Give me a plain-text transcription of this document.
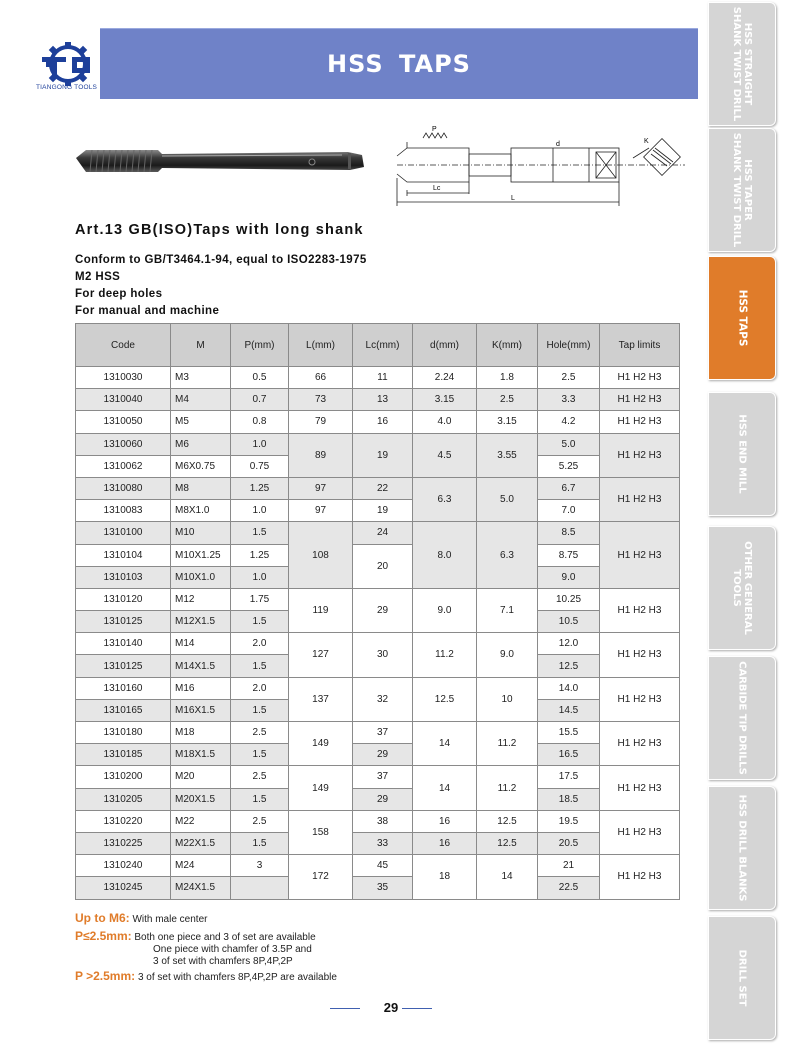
TIANGONG TOOLS
HSS TAPS	HSS STRAIGHT
SHANK TWIST DRILL
HSS TAPER
SHANK TWIST DRILL
HSS TAPS
HSS END MILL
OTHER GENERAL
TOOLS
CARBIDE TIP DRILLS
HSS DRILL BLANKS
DRILL SET
P
d	K
Lc
L
Art.13 GB(ISO)Taps with long shank
Conform to GB/T3464.1-94, equal to ISO2283-1975
M2 HSS
For deep holes
For manual and machine
Code	M	P(mm)	L(mm)	Lc(mm)	d(mm)	K(mm)	Hole(mm)	Tap limits
1310030	M3	0.5	66	11	2.24	1.8	2.5	H1 H2 H3
1310040	M4	0.7	73	13	3.15	2.5	3.3	H1 H2 H3
1310050	M5	0.8	79	16	4.0	3.15	4.2	H1 H2 H3
1310060	M6	1.0	89	19	4.5	3.55	5.0	H1 H2 H3
1310062	M6X0.75	0.75					5.25	
1310080	M8	1.25	97	22	6.3	5.0	6.7	H1 H2 H3
1310083	M8X1.0	1.0	97	19			7.0	
1310100	M10	1.5	108	24	8.0	6.3	8.5	H1 H2 H3
1310104	M10X1.25	1.25		20			8.75	
1310103	M10X1.0	1.0					9.0	
1310120	M12	1.75	119	29	9.0	7.1	10.25	H1 H2 H3
1310125	M12X1.5	1.5					10.5	
1310140	M14	2.0	127	30	11.2	9.0	12.0	H1 H2 H3
1310125	M14X1.5	1.5					12.5	
1310160	M16	2.0	137	32	12.5	10	14.0	H1 H2 H3
1310165	M16X1.5	1.5					14.5	
1310180	M18	2.5	149	37	14	11.2	15.5	H1 H2 H3
1310185	M18X1.5	1.5		29			16.5	
1310200	M20	2.5	149	37	14	11.2	17.5	H1 H2 H3
1310205	M20X1.5	1.5		29			18.5	
1310220	M22	2.5	158	38	16	12.5	19.5	H1 H2 H3
1310225	M22X1.5	1.5		33	16	12.5	20.5	
1310240	M24	3	172	45	18	14	21	H1 H2 H3
1310245	M24X1.5			35			22.5	
Up to M6: With male center
P≤2.5mm: Both one piece and 3 of set are available
One piece with chamfer of 3.5P and
3 of set with chamfers 8P,4P,2P
P >2.5mm: 3 of set with chamfers 8P,4P,2P are available
29
